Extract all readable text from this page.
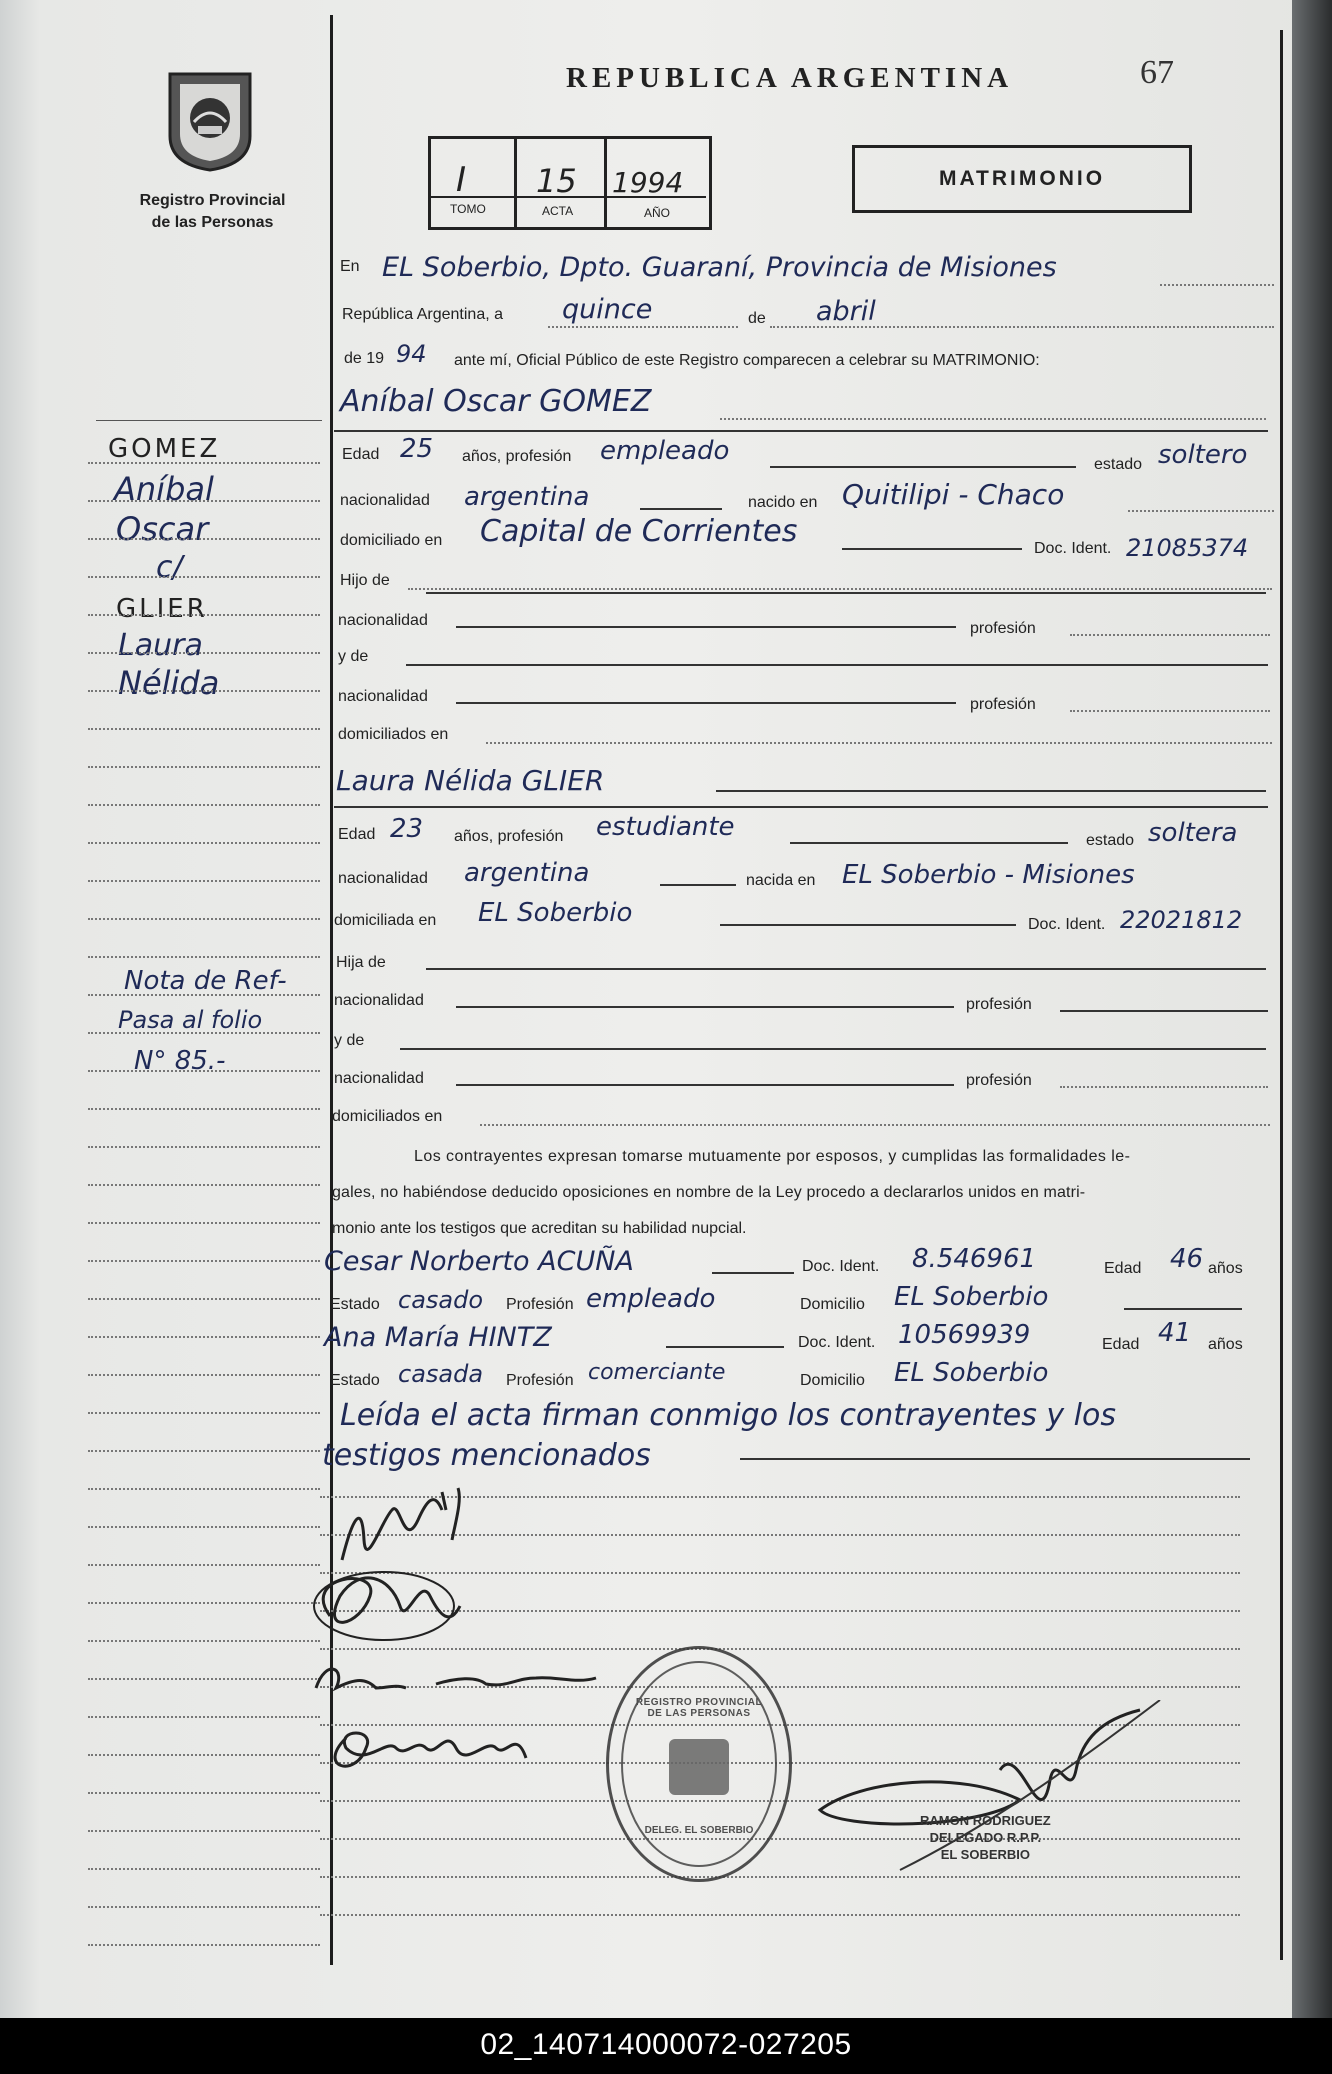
Registro Provincial
de las Personas
REPUBLICA ARGENTINA	67
I 15 1994
TOMO	ACTA	AÑO
MATRIMONIO
En EL Soberbio, Dpto. Guaraní, Provincia de Misiones
República Argentina, a quince	de abril
de 19 94 ante mí, Oficial Público de este Registro comparecen a celebrar su MATRIMONIO:
Aníbal Oscar GOMEZ
Edad 25 años, profesión empleado	estado soltero
nacionalidad argentina	nacido en Quitilipi - Chaco
domiciliado en Capital de Corrientes	Doc. Ident. 21085374
Hijo de
nacionalidad	profesión
y de
nacionalidad	profesión
domiciliados en
Laura Nélida GLIER
Edad 23 años, profesión estudiante	estado soltera
nacionalidad argentina	nacida en EL Soberbio - Misiones
domiciliada en EL Soberbio	Doc. Ident. 22021812
Hija de
nacionalidad	profesión
y de
nacionalidad	profesión
domiciliados en
Los contrayentes expresan tomarse mutuamente por esposos, y cumplidas las formalidades le-
gales, no habiéndose deducido oposiciones en nombre de la Ley procedo a declararlos unidos en matri-
monio ante los testigos que acreditan su habilidad nupcial.
Cesar Norberto ACUÑA	Doc. Ident. 8.546961	Edad 46 años
Estado casado Profesión empleado	Domicilio EL Soberbio
Ana María HINTZ	Doc. Ident. 10569939	Edad 41 años
Estado casada Profesión comerciante	Domicilio EL Soberbio
Leída el acta firman conmigo los contrayentes y los
testigos mencionados
GOMEZ
Aníbal
Oscar
c/
GLIER
Laura
Nélida
Nota de Ref-
Pasa al folio
N° 85.-
REGISTRO PROVINCIAL DE LAS PERSONAS
DELEG. EL SOBERBIO
RAMON RODRIGUEZ
DELEGADO R.P.P.
EL SOBERBIO
02_140714000072-027205
